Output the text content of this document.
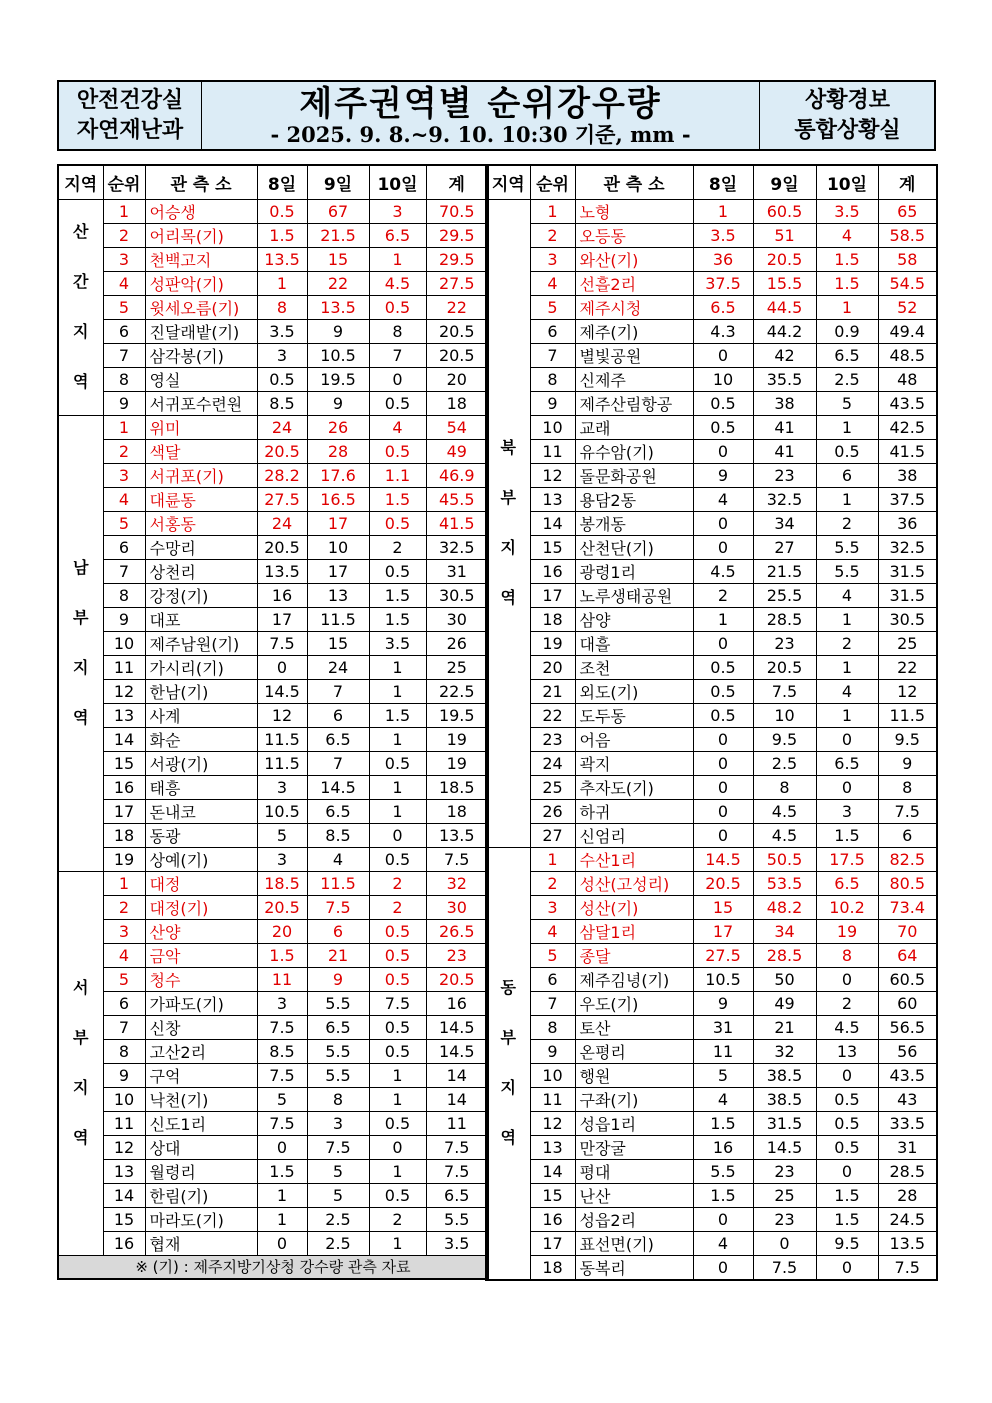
안전건강실
자연재난과
제주권역별 순위강우량
- 2025. 9. 8.~9. 10. 10:30 기준, mm -
상황경보
통합상황실
지역	순위	관 측 소	8일	9일	10일	계

산
간
지
역	1	어승생	0.5	67	3	70.5
	2	어리목(기)	1.5	21.5	6.5	29.5
	3	천백고지	13.5	15	1	29.5
	4	성판악(기)	1	22	4.5	27.5
	5	윗세오름(기)	8	13.5	0.5	22
	6	진달래밭(기)	3.5	9	8	20.5
	7	삼각봉(기)	3	10.5	7	20.5
	8	영실	0.5	19.5	0	20
	9	서귀포수련원	8.5	9	0.5	18

남
부
지
역	1	위미	24	26	4	54
	2	색달	20.5	28	0.5	49
	3	서귀포(기)	28.2	17.6	1.1	46.9
	4	대륜동	27.5	16.5	1.5	45.5
	5	서홍동	24	17	0.5	41.5
	6	수망리	20.5	10	2	32.5
	7	상천리	13.5	17	0.5	31
	8	강정(기)	16	13	1.5	30.5
	9	대포	17	11.5	1.5	30
	10	제주남원(기)	7.5	15	3.5	26
	11	가시리(기)	0	24	1	25
	12	한남(기)	14.5	7	1	22.5
	13	사계	12	6	1.5	19.5
	14	화순	11.5	6.5	1	19
	15	서광(기)	11.5	7	0.5	19
	16	태흥	3	14.5	1	18.5
	17	돈내코	10.5	6.5	1	18
	18	동광	5	8.5	0	13.5
	19	상예(기)	3	4	0.5	7.5

서
부
지
역	1	대정	18.5	11.5	2	32
	2	대정(기)	20.5	7.5	2	30
	3	산양	20	6	0.5	26.5
	4	금악	1.5	21	0.5	23
	5	청수	11	9	0.5	20.5
	6	가파도(기)	3	5.5	7.5	16
	7	신창	7.5	6.5	0.5	14.5
	8	고산2리	8.5	5.5	0.5	14.5
	9	구억	7.5	5.5	1	14
	10	낙천(기)	5	8	1	14
	11	신도1리	7.5	3	0.5	11
	12	상대	0	7.5	0	7.5
	13	월령리	1.5	5	1	7.5
	14	한림(기)	1	5	0.5	6.5
	15	마라도(기)	1	2.5	2	5.5
	16	협재	0	2.5	1	3.5
※ (기) : 제주지방기상청 강수량 관측 자료						
지역	순위	관 측 소	8일	9일	10일	계

북
부
지
역	1	노형	1	60.5	3.5	65
	2	오등동	3.5	51	4	58.5
	3	와산(기)	36	20.5	1.5	58
	4	선흘2리	37.5	15.5	1.5	54.5
	5	제주시청	6.5	44.5	1	52
	6	제주(기)	4.3	44.2	0.9	49.4
	7	별빛공원	0	42	6.5	48.5
	8	신제주	10	35.5	2.5	48
	9	제주산림항공	0.5	38	5	43.5
	10	교래	0.5	41	1	42.5
	11	유수암(기)	0	41	0.5	41.5
	12	돌문화공원	9	23	6	38
	13	용담2동	4	32.5	1	37.5
	14	봉개동	0	34	2	36
	15	산천단(기)	0	27	5.5	32.5
	16	광령1리	4.5	21.5	5.5	31.5
	17	노루생태공원	2	25.5	4	31.5
	18	삼양	1	28.5	1	30.5
	19	대흘	0	23	2	25
	20	조천	0.5	20.5	1	22
	21	외도(기)	0.5	7.5	4	12
	22	도두동	0.5	10	1	11.5
	23	어음	0	9.5	0	9.5
	24	곽지	0	2.5	6.5	9
	25	추자도(기)	0	8	0	8
	26	하귀	0	4.5	3	7.5
	27	신엄리	0	4.5	1.5	6

동
부
지
역	1	수산1리	14.5	50.5	17.5	82.5
	2	성산(고성리)	20.5	53.5	6.5	80.5
	3	성산(기)	15	48.2	10.2	73.4
	4	삼달1리	17	34	19	70
	5	종달	27.5	28.5	8	64
	6	제주김녕(기)	10.5	50	0	60.5
	7	우도(기)	9	49	2	60
	8	토산	31	21	4.5	56.5
	9	온평리	11	32	13	56
	10	행원	5	38.5	0	43.5
	11	구좌(기)	4	38.5	0.5	43
	12	성읍1리	1.5	31.5	0.5	33.5
	13	만장굴	16	14.5	0.5	31
	14	평대	5.5	23	0	28.5
	15	난산	1.5	25	1.5	28
	16	성읍2리	0	23	1.5	24.5
	17	표선면(기)	4	0	9.5	13.5
	18	동복리	0	7.5	0	7.5
